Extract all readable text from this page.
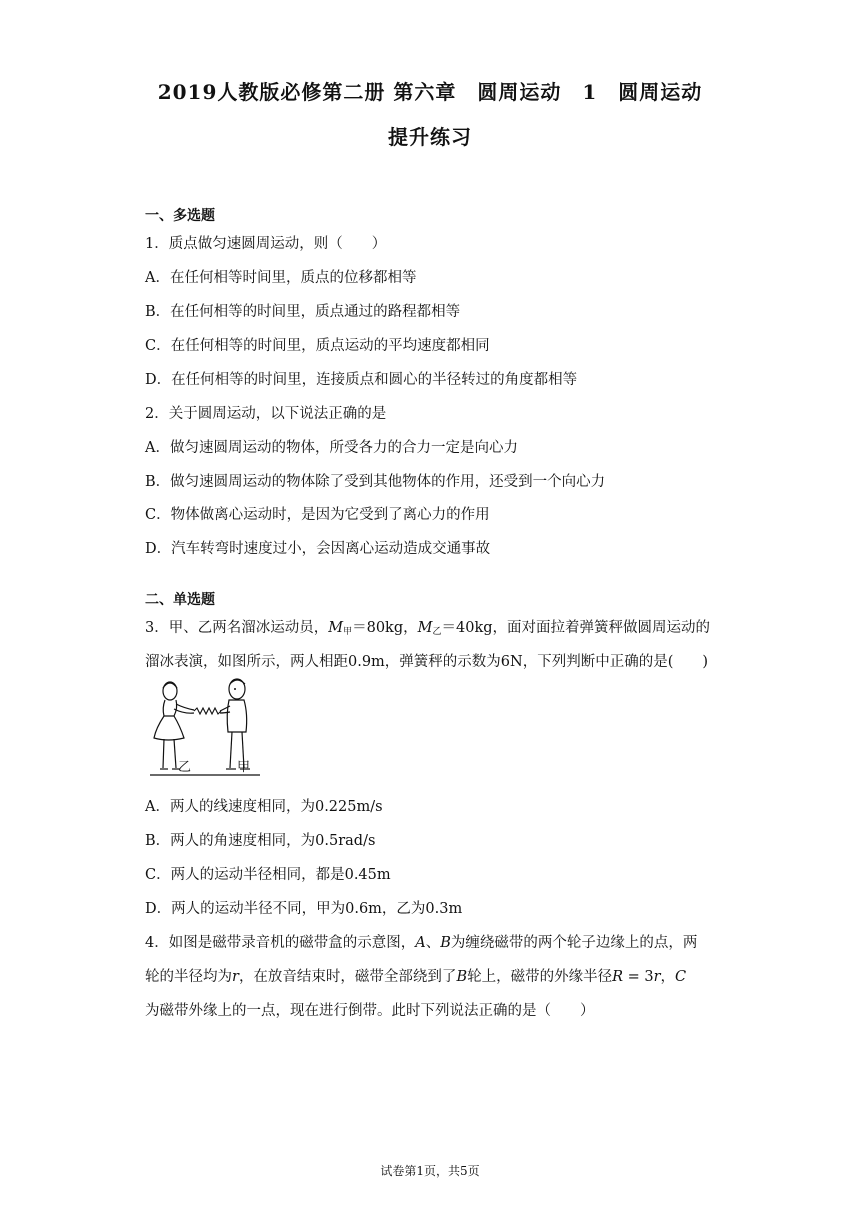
2019人教版必修第二册 第六章　圆周运动　1　圆周运动
提升练习
一、多选题
1．质点做匀速圆周运动，则（　　）
A．在任何相等时间里，质点的位移都相等
B．在任何相等的时间里，质点通过的路程都相等
C．在任何相等的时间里，质点运动的平均速度都相同
D．在任何相等的时间里，连接质点和圆心的半径转过的角度都相等
2．关于圆周运动，以下说法正确的是
A．做匀速圆周运动的物体，所受各力的合力一定是向心力
B．做匀速圆周运动的物体除了受到其他物体的作用，还受到一个向心力
C．物体做离心运动时，是因为它受到了离心力的作用
D．汽车转弯时速度过小，会因离心运动造成交通事故
二、单选题
3．甲、乙两名溜冰运动员，$M_甲=80kg$，$M_乙=40kg$，面对面拉着弹簧秤做圆周运动的
溜冰表演，如图所示，两人相距0.9m，弹簧秤的示数为6N，下列判断中正确的是(　　)
乙	甲
A．两人的线速度相同，为0.225m/s
B．两人的角速度相同，为0.5rad/s
C．两人的运动半径相同，都是0.45m
D．两人的运动半径不同，甲为0.6m，乙为0.3m
4．如图是磁带录音机的磁带盒的示意图，A、B为缠绕磁带的两个轮子边缘上的点，两
轮的半径均为r，在放音结束时，磁带全部绕到了B轮上，磁带的外缘半径R = 3r，C
为磁带外缘上的一点，现在进行倒带。此时下列说法正确的是（　　）
试卷第1页，共5页
